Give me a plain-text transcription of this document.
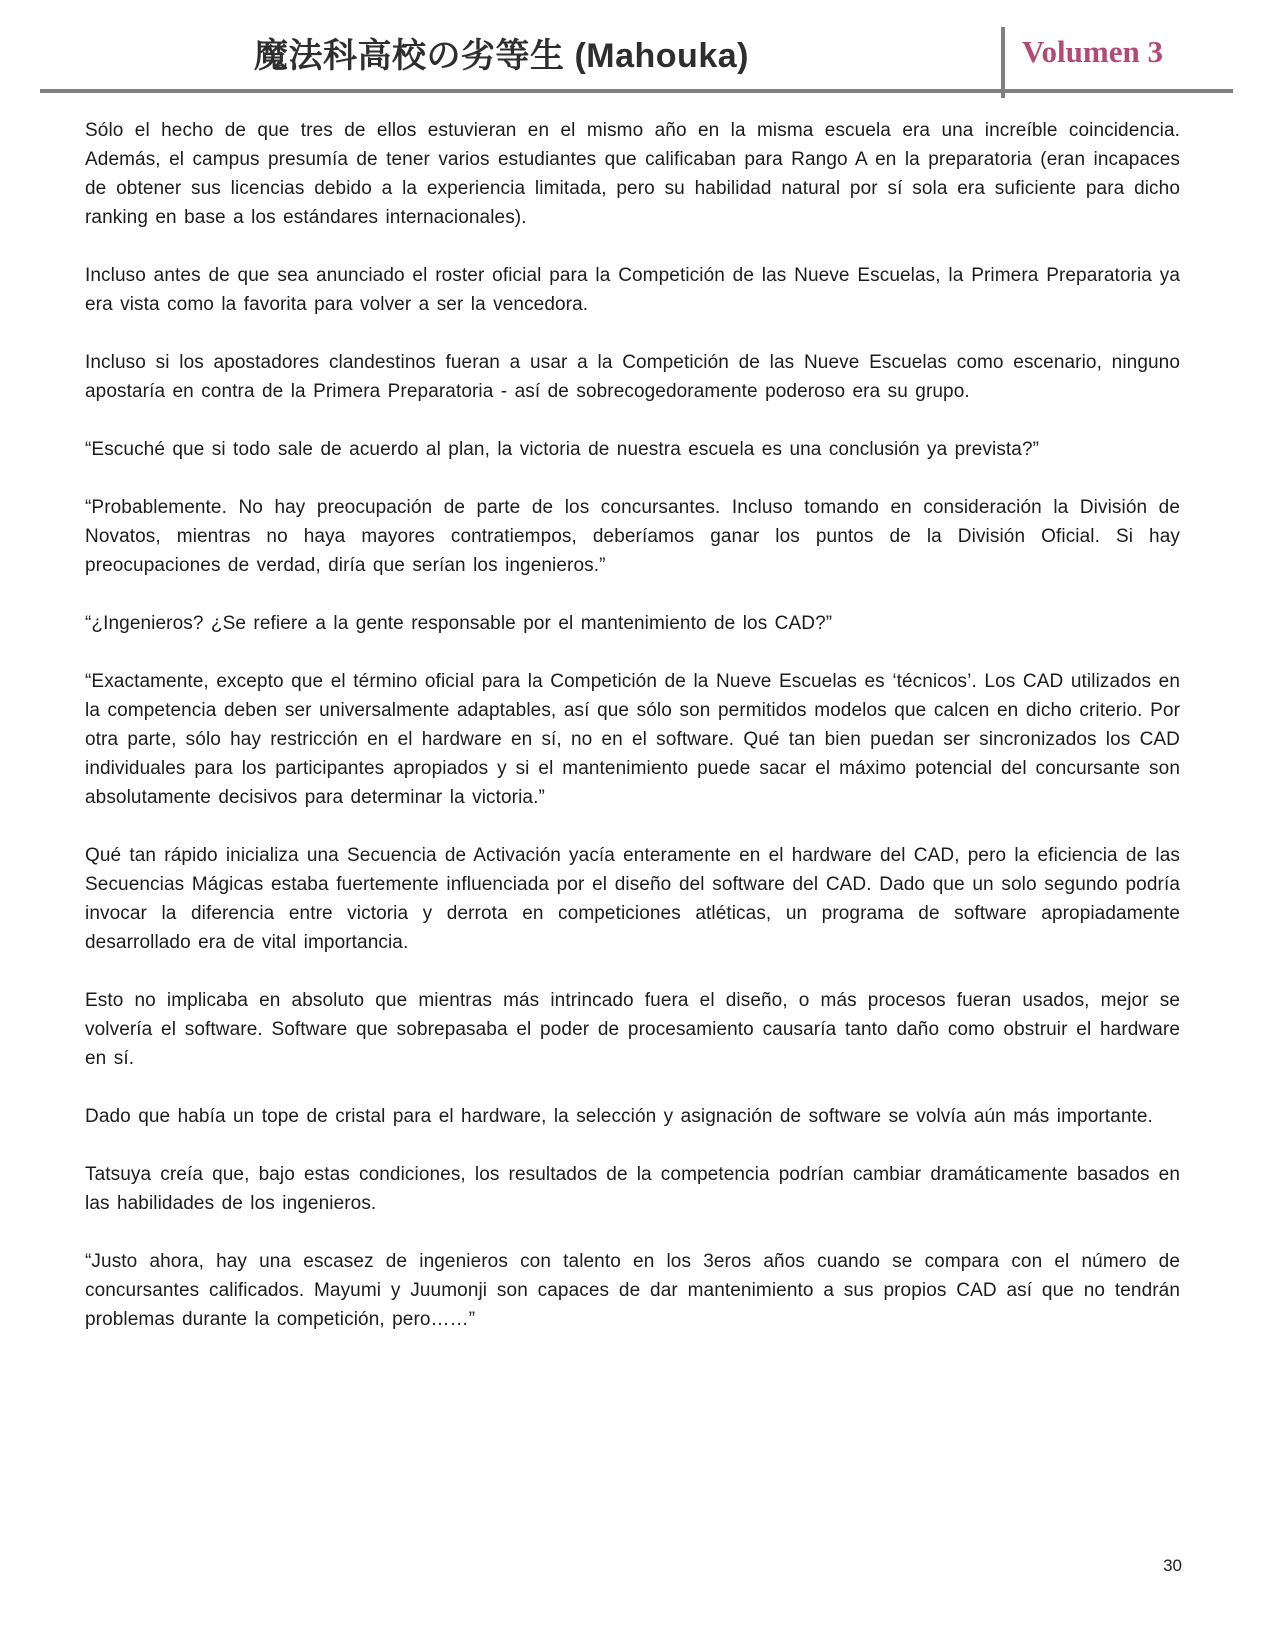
魔法科高校の劣等生 (Mahouka)	Volumen 3

Sólo el hecho de que tres de ellos estuvieran en el mismo año en la misma escuela era una increíble coincidencia. Además, el campus presumía de tener varios estudiantes que calificaban para Rango A en la preparatoria (eran incapaces de obtener sus licencias debido a la experiencia limitada, pero su habilidad natural por sí sola era suficiente para dicho ranking en base a los estándares internacionales).

Incluso antes de que sea anunciado el roster oficial para la Competición de las Nueve Escuelas, la Primera Preparatoria ya era vista como la favorita para volver a ser la vencedora.

Incluso si los apostadores clandestinos fueran a usar a la Competición de las Nueve Escuelas como escenario, ninguno apostaría en contra de la Primera Preparatoria - así de sobrecogedoramente poderoso era su grupo.

“Escuché que si todo sale de acuerdo al plan, la victoria de nuestra escuela es una conclusión ya prevista?”

“Probablemente. No hay preocupación de parte de los concursantes. Incluso tomando en consideración la División de Novatos, mientras no haya mayores contratiempos, deberíamos ganar los puntos de la División Oficial. Si hay preocupaciones de verdad, diría que serían los ingenieros.”

“¿Ingenieros? ¿Se refiere a la gente responsable por el mantenimiento de los CAD?”

“Exactamente, excepto que el término oficial para la Competición de la Nueve Escuelas es ‘técnicos’. Los CAD utilizados en la competencia deben ser universalmente adaptables, así que sólo son permitidos modelos que calcen en dicho criterio. Por otra parte, sólo hay restricción en el hardware en sí, no en el software. Qué tan bien puedan ser sincronizados los CAD individuales para los participantes apropiados y si el mantenimiento puede sacar el máximo potencial del concursante son absolutamente decisivos para determinar la victoria.”

Qué tan rápido inicializa una Secuencia de Activación yacía enteramente en el hardware del CAD, pero la eficiencia de las Secuencias Mágicas estaba fuertemente influenciada por el diseño del software del CAD. Dado que un solo segundo podría invocar la diferencia entre victoria y derrota en competiciones atléticas, un programa de software apropiadamente desarrollado era de vital importancia.

Esto no implicaba en absoluto que mientras más intrincado fuera el diseño, o más procesos fueran usados, mejor se volvería el software. Software que sobrepasaba el poder de procesamiento causaría tanto daño como obstruir el hardware en sí.

Dado que había un tope de cristal para el hardware, la selección y asignación de software se volvía aún más importante.

Tatsuya creía que, bajo estas condiciones, los resultados de la competencia podrían cambiar dramáticamente basados en las habilidades de los ingenieros.

“Justo ahora, hay una escasez de ingenieros con talento en los 3eros años cuando se compara con el número de concursantes calificados. Mayumi y Juumonji son capaces de dar mantenimiento a sus propios CAD así que no tendrán problemas durante la competición, pero……”

30
